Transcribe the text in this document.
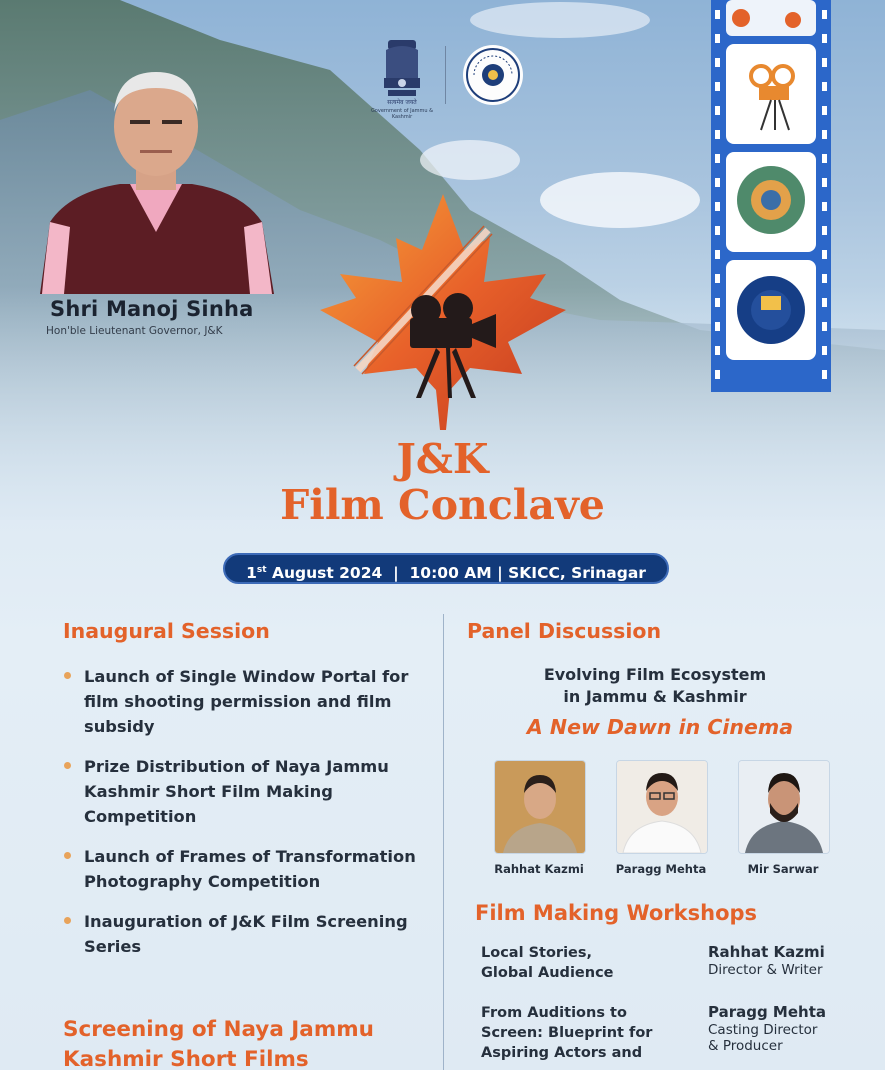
Shri Manoj Sinha
Hon'ble Lieutenant Governor, J&K
सत्यमेव जयते
Government of Jammu & Kashmir
J&K
Film Conclave
1st August 2024  |  10:00 AM | SKICC, Srinagar
Inaugural Session
Launch of Single Window Portal for film shooting permission and film subsidy
Prize Distribution of Naya Jammu Kashmir Short Film Making Competition
Launch of Frames of Transformation Photography Competition
Inauguration of J&K Film Screening Series
Screening of Naya Jammu
Kashmir Short Films
Panel Discussion
Evolving Film Ecosystem
in Jammu & Kashmir
A New Dawn in Cinema
Rahhat Kazmi	Paragg Mehta	Mir Sarwar
Film Making Workshops
Local Stories,
Global Audience
Rahhat Kazmi
Director & Writer
From Auditions to
Screen: Blueprint for
Aspiring Actors and
Paragg Mehta
Casting Director
& Producer
